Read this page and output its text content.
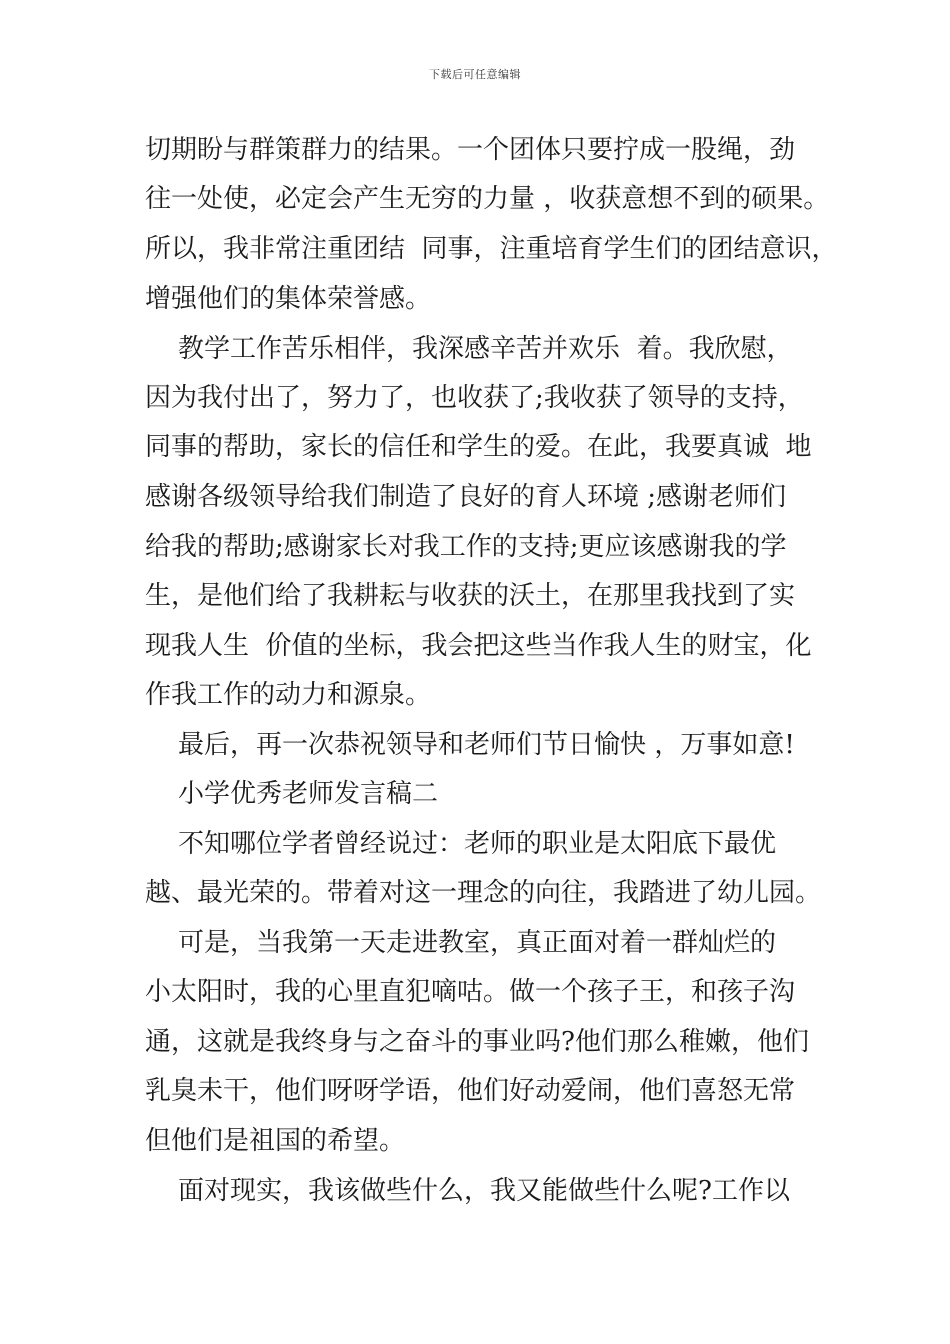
下载后可任意编辑
切期盼与群策群力的结果。一个团体只要拧成一股绳，劲
往一处使，必定会产生无穷的力量 ，收获意想不到的硕果。
所以，我非常注重团结  同事，注重培育学生们的团结意识，
增强他们的集体荣誉感。
教学工作苦乐相伴，我深感辛苦并欢乐  着。我欣慰，
因为我付出了，努力了，也收获了;我收获了领导的支持，
同事的帮助，家长的信任和学生的爱。在此，我要真诚  地
感谢各级领导给我们制造了良好的育人环境 ;感谢老师们
给我的帮助;感谢家长对我工作的支持;更应该感谢我的学
生，是他们给了我耕耘与收获的沃土，在那里我找到了实
现我人生  价值的坐标，我会把这些当作我人生的财宝，化
作我工作的动力和源泉。
最后，再一次恭祝领导和老师们节日愉快 ，万事如意!
小学优秀老师发言稿二
不知哪位学者曾经说过：老师的职业是太阳底下最优
越、最光荣的。带着对这一理念的向往，我踏进了幼儿园。
可是，当我第一天走进教室，真正面对着一群灿烂的
小太阳时，我的心里直犯嘀咕。做一个孩子王，和孩子沟
通，这就是我终身与之奋斗的事业吗?他们那么稚嫩，他们
乳臭未干，他们呀呀学语，他们好动爱闹，他们喜怒无常
但他们是祖国的希望。
面对现实，我该做些什么，我又能做些什么呢?工作以
